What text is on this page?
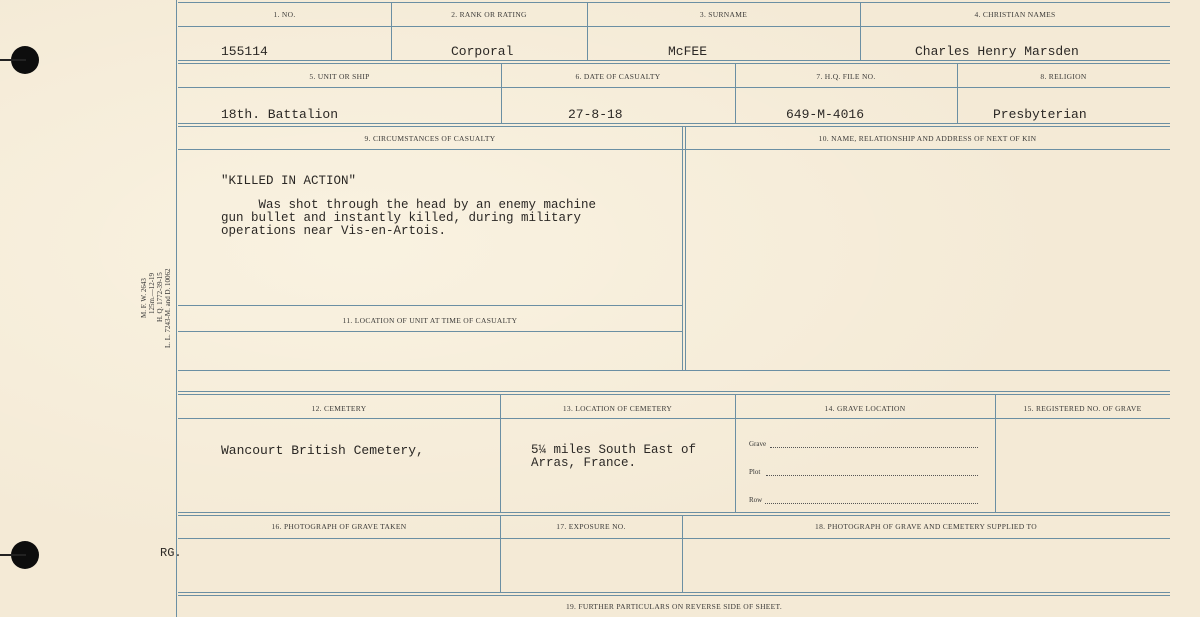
M. F. W. 2643 125m.—12-19 H. Q. 1772-39-15 L. L. 7243-M. and D. 10062
RG.
1. NO.	2. RANK OR RATING	3. SURNAME	4. CHRISTIAN NAMES
155114	Corporal	McFEE	Charles Henry Marsden
5. UNIT OR SHIP	6. DATE OF CASUALTY	7. H.Q. FILE NO.	8. RELIGION
18th. Battalion	27-8-18	649-M-4016	Presbyterian
9. CIRCUMSTANCES OF CASUALTY	10. NAME, RELATIONSHIP AND ADDRESS OF NEXT OF KIN
"KILLED IN ACTION"
Was shot through the head by an enemy machine
gun bullet and instantly killed, during military
operations near Vis-en-Artois.
11. LOCATION OF UNIT AT TIME OF CASUALTY
12. CEMETERY	13. LOCATION OF CEMETERY	14. GRAVE LOCATION	15. REGISTERED NO. OF GRAVE
Wancourt British Cemetery,	5¼ miles South East of
Arras, France.
Grave
Plot
Row
16. PHOTOGRAPH OF GRAVE TAKEN	17. EXPOSURE NO.	18. PHOTOGRAPH OF GRAVE AND CEMETERY SUPPLIED TO
19. FURTHER PARTICULARS ON REVERSE SIDE OF SHEET.
